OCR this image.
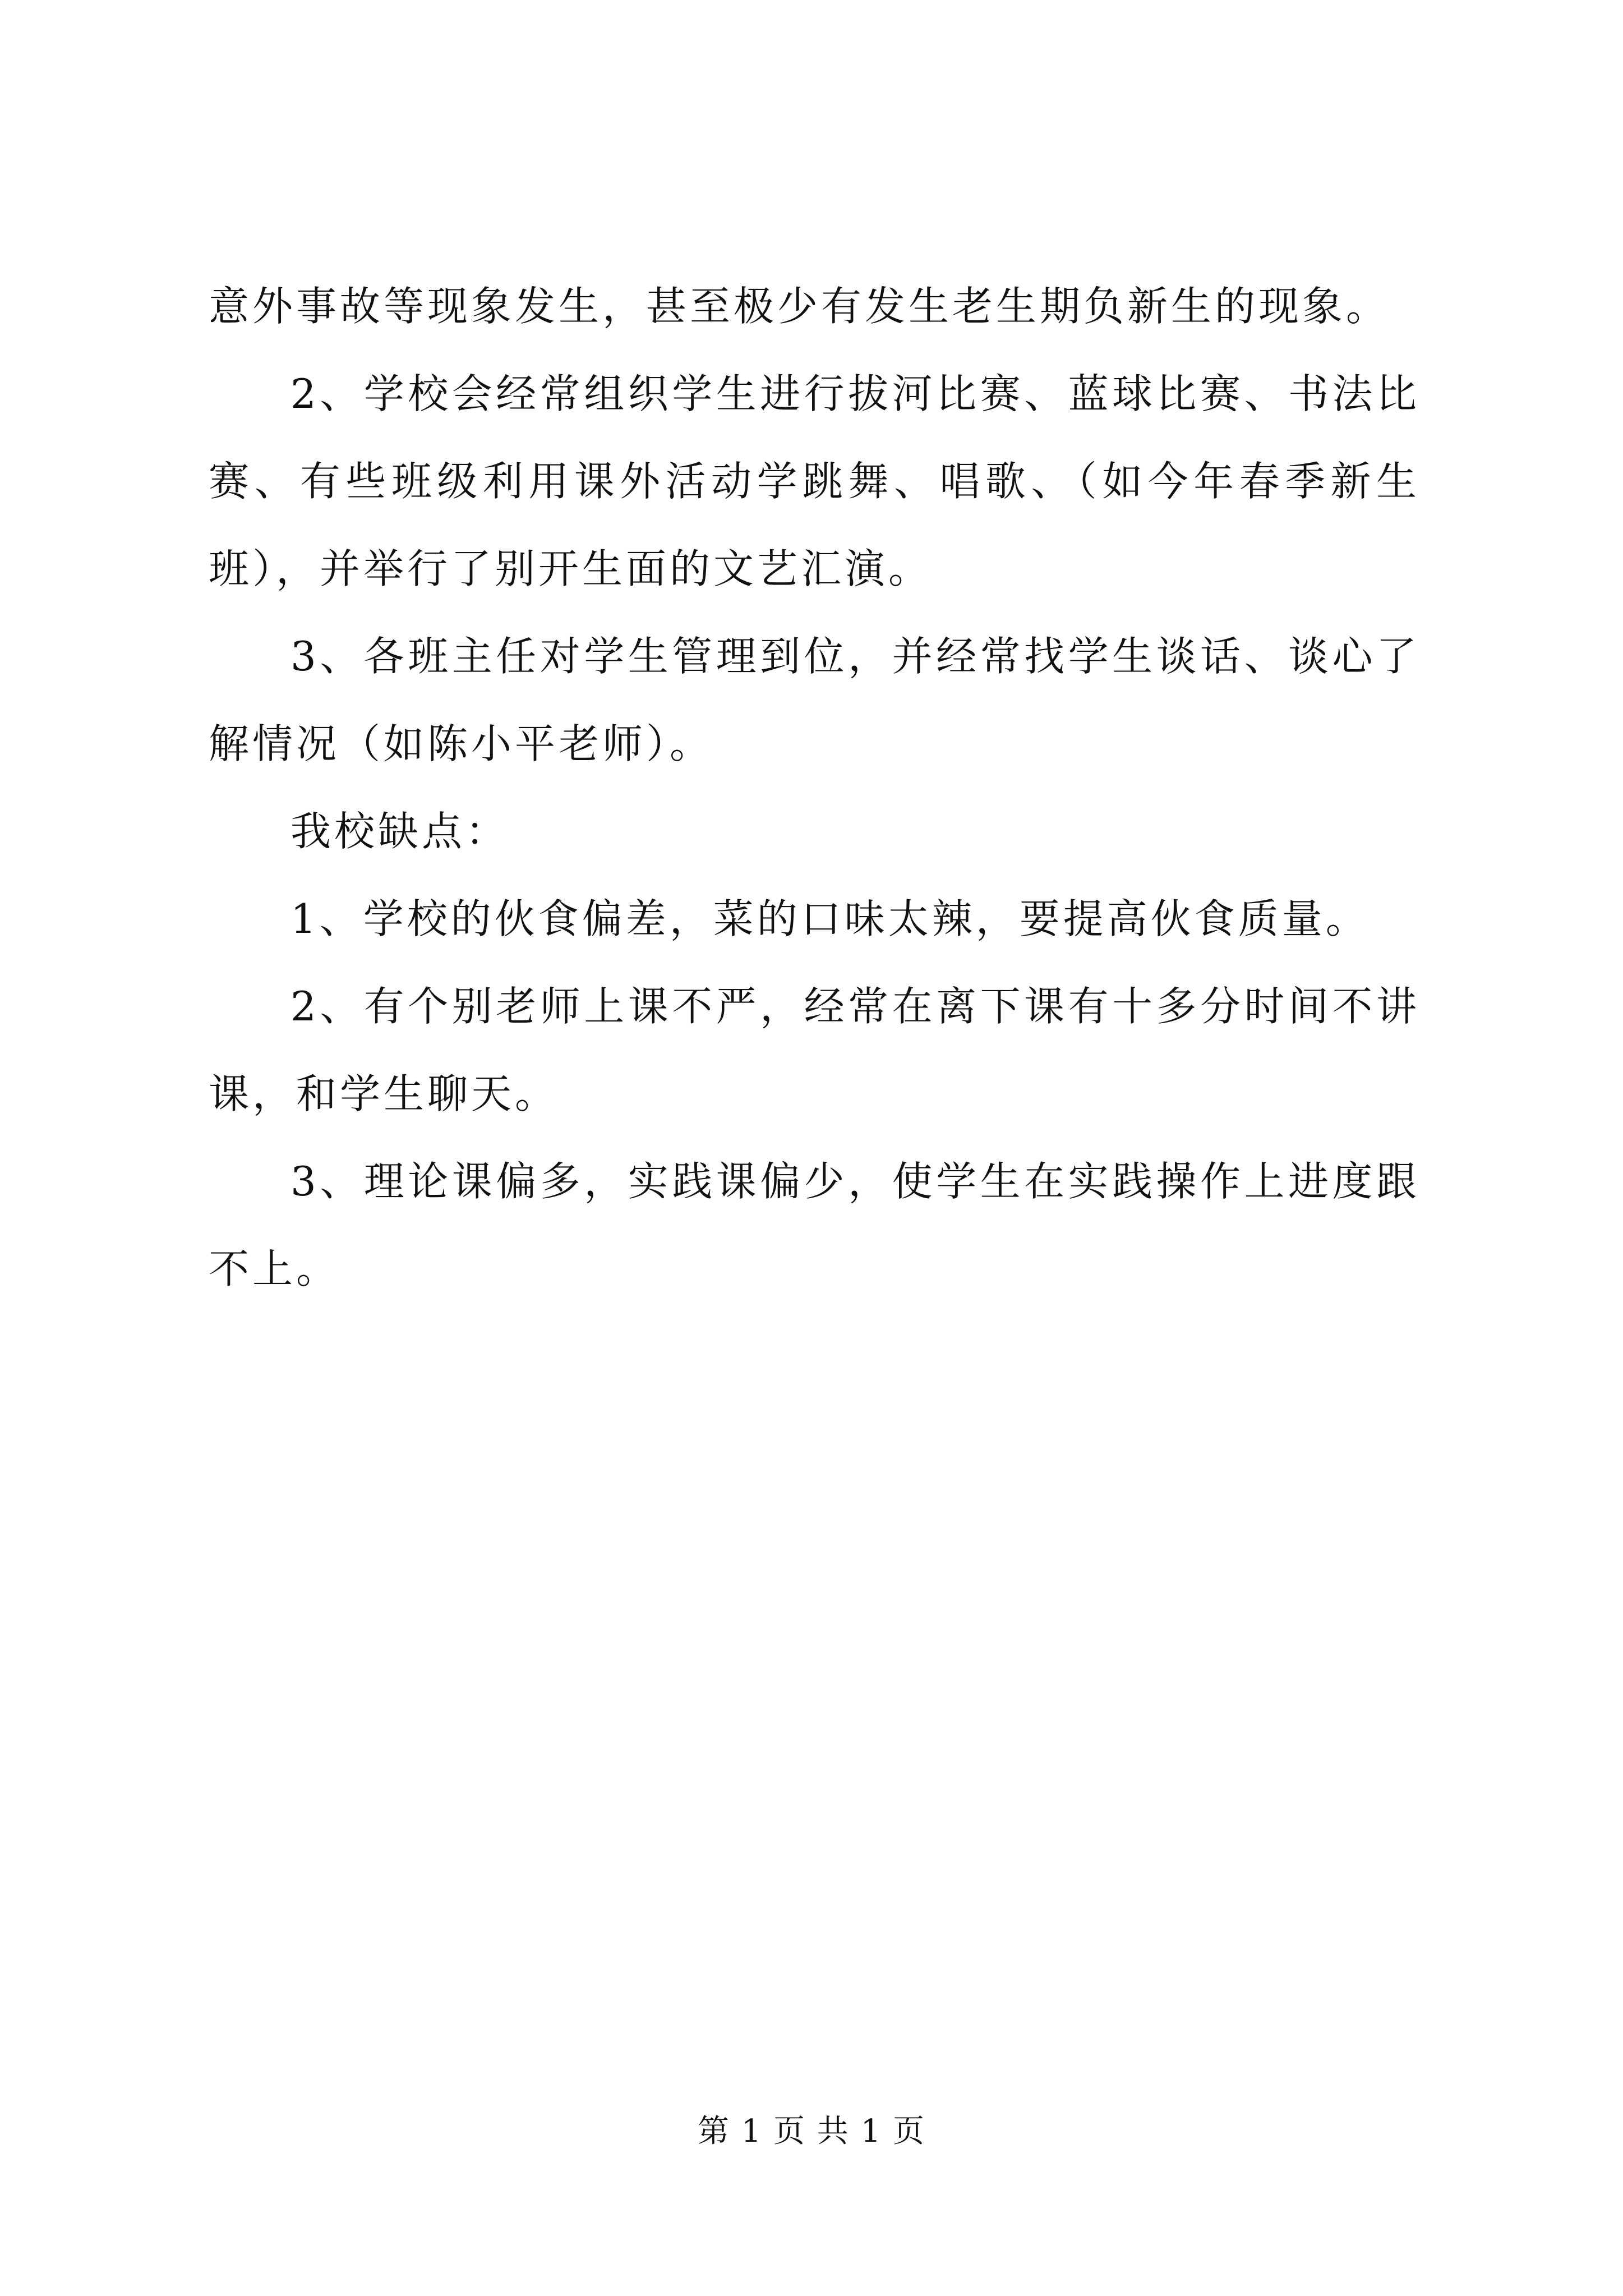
意外事故等现象发生，甚至极少有发生老生期负新生的现象。

2、学校会经常组织学生进行拔河比赛、蓝球比赛、书法比赛、有些班级利用课外活动学跳舞、唱歌、（如今年春季新生班），并举行了别开生面的文艺汇演。

3、各班主任对学生管理到位，并经常找学生谈话、谈心了解情况（如陈小平老师）。

我校缺点：

1、学校的伙食偏差，菜的口味太辣，要提高伙食质量。

2、有个别老师上课不严，经常在离下课有十多分时间不讲课，和学生聊天。

3、理论课偏多，实践课偏少，使学生在实践操作上进度跟不上。

第 1 页 共 1 页
